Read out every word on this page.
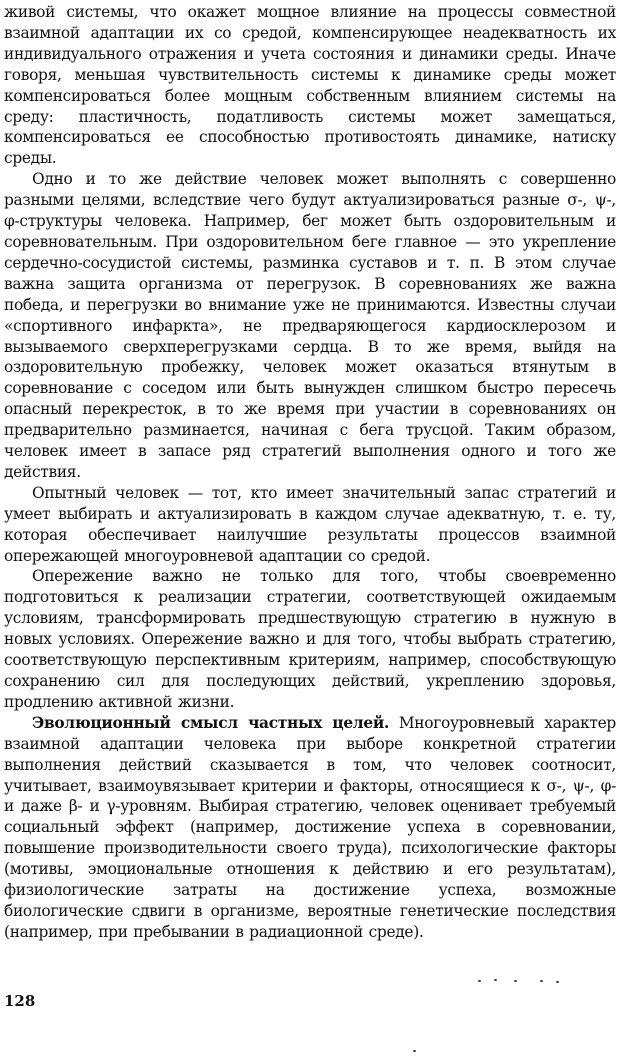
живой системы, что окажет мощное влияние на процессы совместной взаимной адаптации их со средой, компенсирующее неадекватность их индивидуального отражения и учета состояния и динамики среды. Иначе говоря, меньшая чувствительность системы к динамике среды может компенсироваться более мощным собственным влиянием системы на среду: пластичность, податливость системы может замещаться, компенсироваться ее способностью противостоять динамике, натиску среды.

Одно и то же действие человек может выполнять с совершенно разными целями, вследствие чего будут актуализироваться разные σ-, ψ-, φ-структуры человека. Например, бег может быть оздоровительным и соревновательным. При оздоровительном беге главное — это укрепление сердечно-сосудистой системы, разминка суставов и т. п. В этом случае важна защита организма от перегрузок. В соревнованиях же важна победа, и перегрузки во внимание уже не принимаются. Известны случаи «спортивного инфаркта», не предваряющегося кардиосклерозом и вызываемого сверхперегрузками сердца. В то же время, выйдя на оздоровительную пробежку, человек может оказаться втянутым в соревнование с соседом или быть вынужден слишком быстро пересечь опасный перекресток, в то же время при участии в соревнованиях он предварительно разминается, начиная с бега трусцой. Таким образом, человек имеет в запасе ряд стратегий выполнения одного и того же действия.

Опытный человек — тот, кто имеет значительный запас стратегий и умеет выбирать и актуализировать в каждом случае адекватную, т. е. ту, которая обеспечивает наилучшие результаты процессов взаимной опережающей многоуровневой адаптации со средой.

Опережение важно не только для того, чтобы своевременно подготовиться к реализации стратегии, соответствующей ожидаемым условиям, трансформировать предшествующую стратегию в нужную в новых условиях. Опережение важно и для того, чтобы выбрать стратегию, соответствующую перспективным критериям, например, способствующую сохранению сил для последующих действий, укреплению здоровья, продлению активной жизни.

Эволюционный смысл частных целей. Многоуровневый характер взаимной адаптации человека при выборе конкретной стратегии выполнения действий сказывается в том, что человек соотносит, учитывает, взаимоувязывает критерии и факторы, относящиеся к σ-, ψ-, φ- и даже β- и γ-уровням. Выбирая стратегию, человек оценивает требуемый социальный эффект (например, достижение успеха в соревновании, повышение производительности своего труда), психологические факторы (мотивы, эмоциональные отношения к действию и его результатам), физиологические затраты на достижение успеха, возможные биологические сдвиги в организме, вероятные генетические последствия (например, при пребывании в радиационной среде).

128
